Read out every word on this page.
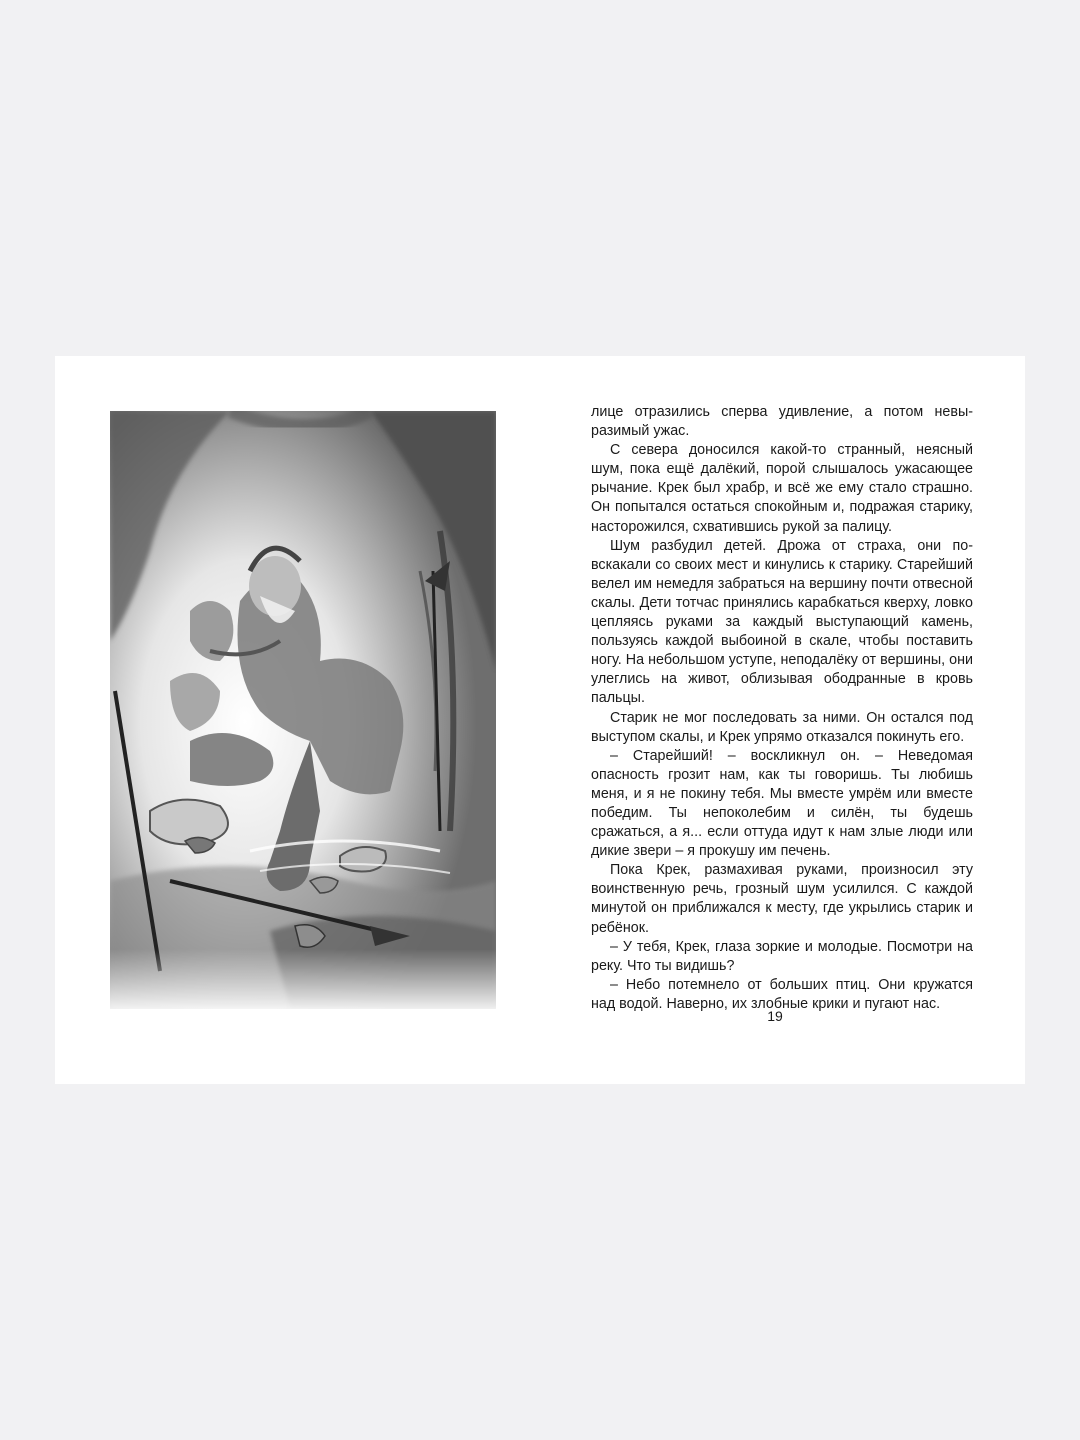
лице отразились сперва удивление, а потом невыразимый ужас.

С севера доносился какой-то странный, неясный шум, пока ещё далёкий, порой слышалось ужасающее рычание. Крек был храбр, и всё же ему стало страшно. Он попытался остаться спокойным и, подражая старику, насторожился, схватившись рукой за палицу.

Шум разбудил детей. Дрожа от страха, они повскакали со своих мест и кинулись к старику. Старейший велел им немедля забраться на вершину почти отвесной скалы. Дети тотчас принялись карабкаться кверху, ловко цепляясь руками за каждый выступающий камень, пользуясь каждой выбоиной в скале, чтобы поставить ногу. На небольшом уступе, неподалёку от вершины, они улеглись на живот, облизывая ободранные в кровь пальцы.

Старик не мог последовать за ними. Он остался под выступом скалы, и Крек упрямо отказался покинуть его.

– Старейший! – воскликнул он. – Неведомая опасность грозит нам, как ты говоришь. Ты любишь меня, и я не покину тебя. Мы вместе умрём или вместе победим. Ты непоколебим и силён, ты будешь сражаться, а я... если оттуда идут к нам злые люди или дикие звери – я прокушу им печень.

Пока Крек, размахивая руками, произносил эту воинственную речь, грозный шум усилился. С каждой минутой он приближался к месту, где укрылись старик и ребёнок.

– У тебя, Крек, глаза зоркие и молодые. Посмотри на реку. Что ты видишь?

– Небо потемнело от больших птиц. Они кружатся над водой. Наверно, их злобные крики и пугают нас.

19
